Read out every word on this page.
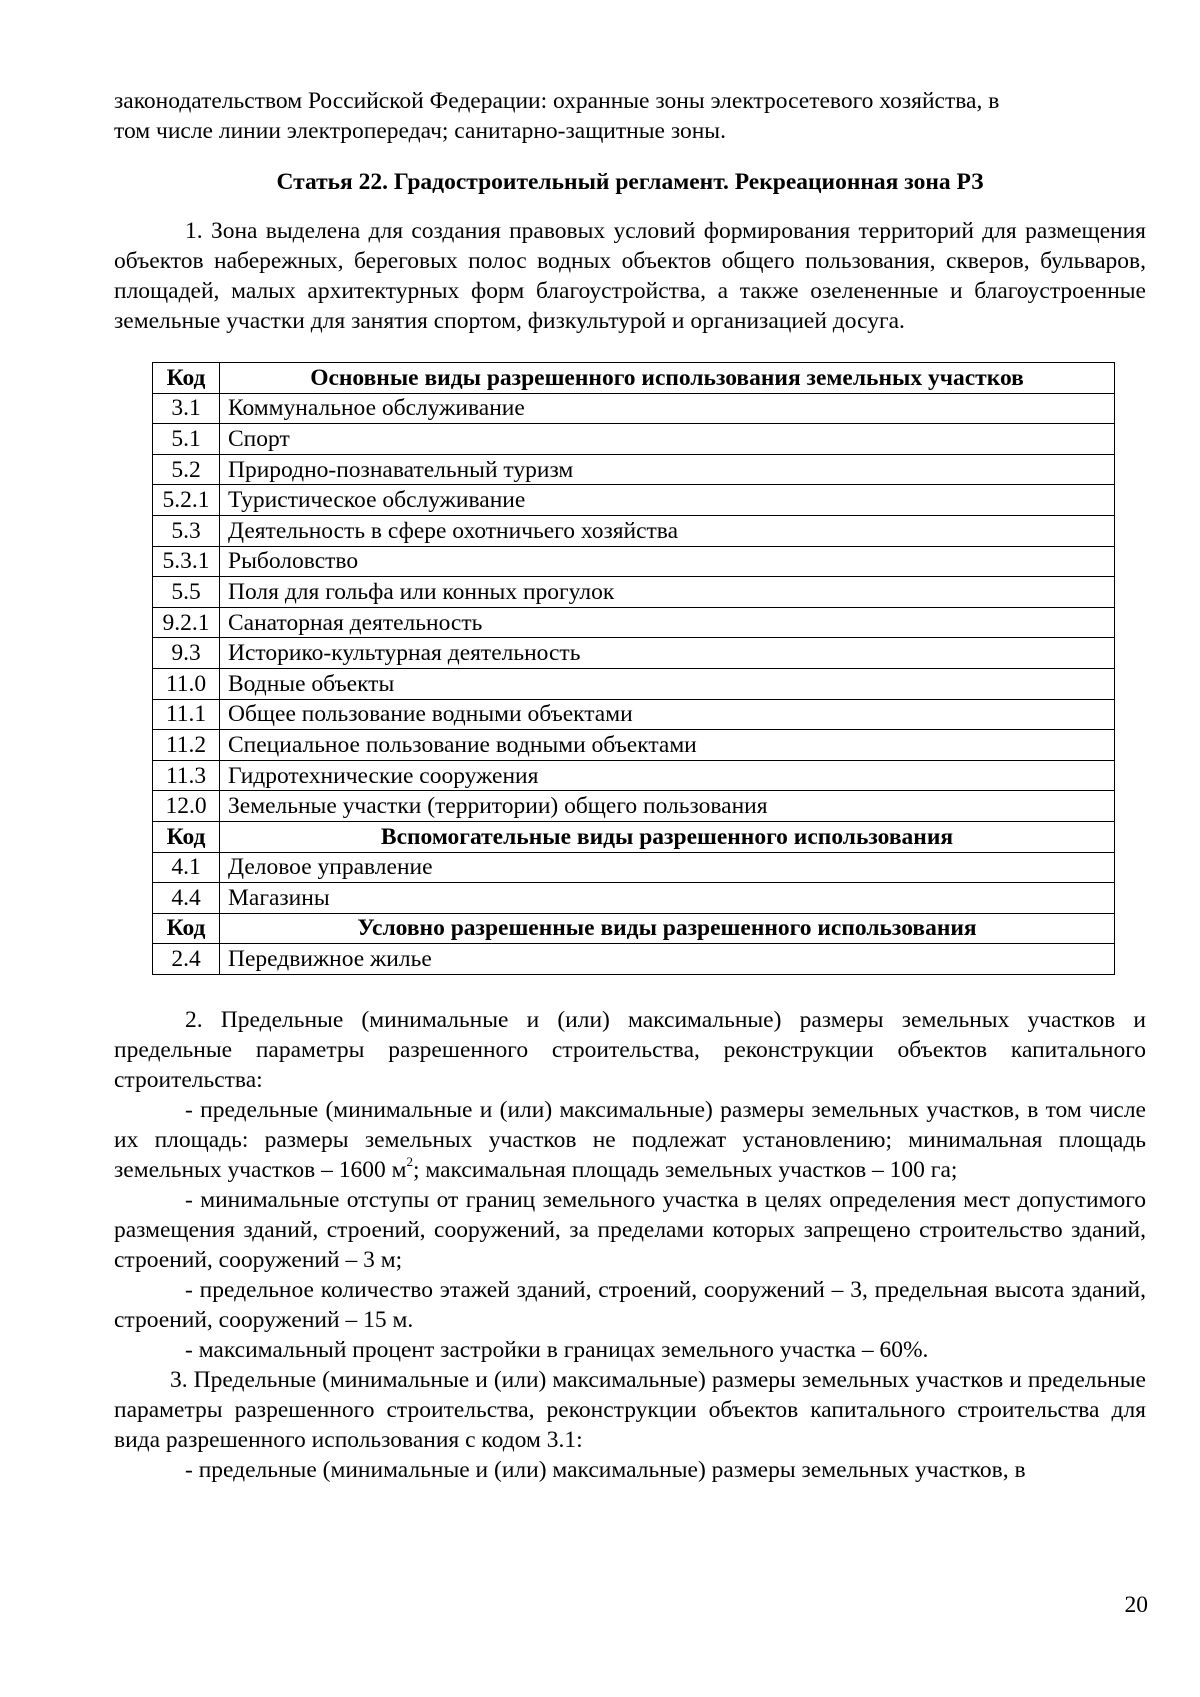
законодательством Российской Федерации: охранные зоны электросетевого хозяйства, в

том числе линии электропередач; санитарно-защитные зоны.

Статья 22. Градостроительный регламент. Рекреационная зона РЗ

1. Зона выделена для создания правовых условий формирования территорий для размещения объектов набережных, береговых полос водных объектов общего пользования, скверов, бульваров, площадей, малых архитектурных форм благоустройства, а также озелененные и благоустроенные земельные участки для занятия спортом, физкультурой и организацией досуга.

Код	Основные виды разрешенного использования земельных участков
3.1	Коммунальное обслуживание
5.1	Спорт
5.2	Природно-познавательный туризм
5.2.1	Туристическое обслуживание
5.3	Деятельность в сфере охотничьего хозяйства
5.3.1	Рыболовство
5.5	Поля для гольфа или конных прогулок
9.2.1	Санаторная деятельность
9.3	Историко-культурная деятельность
11.0	Водные объекты
11.1	Общее пользование водными объектами
11.2	Специальное пользование водными объектами
11.3	Гидротехнические сооружения
12.0	Земельные участки (территории) общего пользования
Код	Вспомогательные виды разрешенного использования
4.1	Деловое управление
4.4	Магазины
Код	Условно разрешенные виды разрешенного использования
2.4	Передвижное жилье

2. Предельные (минимальные и (или) максимальные) размеры земельных участков и предельные параметры разрешенного строительства, реконструкции объектов капитального строительства:

- предельные (минимальные и (или) максимальные) размеры земельных участков, в том числе их площадь: размеры земельных участков не подлежат установлению; минимальная площадь земельных участков – 1600 $м^2$; максимальная площадь земельных участков – 100 га;

- минимальные отступы от границ земельного участка в целях определения мест допустимого размещения зданий, строений, сооружений, за пределами которых запрещено строительство зданий, строений, сооружений – 3 м;

- предельное количество этажей зданий, строений, сооружений – 3, предельная высота зданий, строений, сооружений – 15 м.

- максимальный процент застройки в границах земельного участка – 60%.

3. Предельные (минимальные и (или) максимальные) размеры земельных участков и предельные параметры разрешенного строительства, реконструкции объектов капитального строительства для вида разрешенного использования с кодом 3.1:

- предельные (минимальные и (или) максимальные) размеры земельных участков, в

20
